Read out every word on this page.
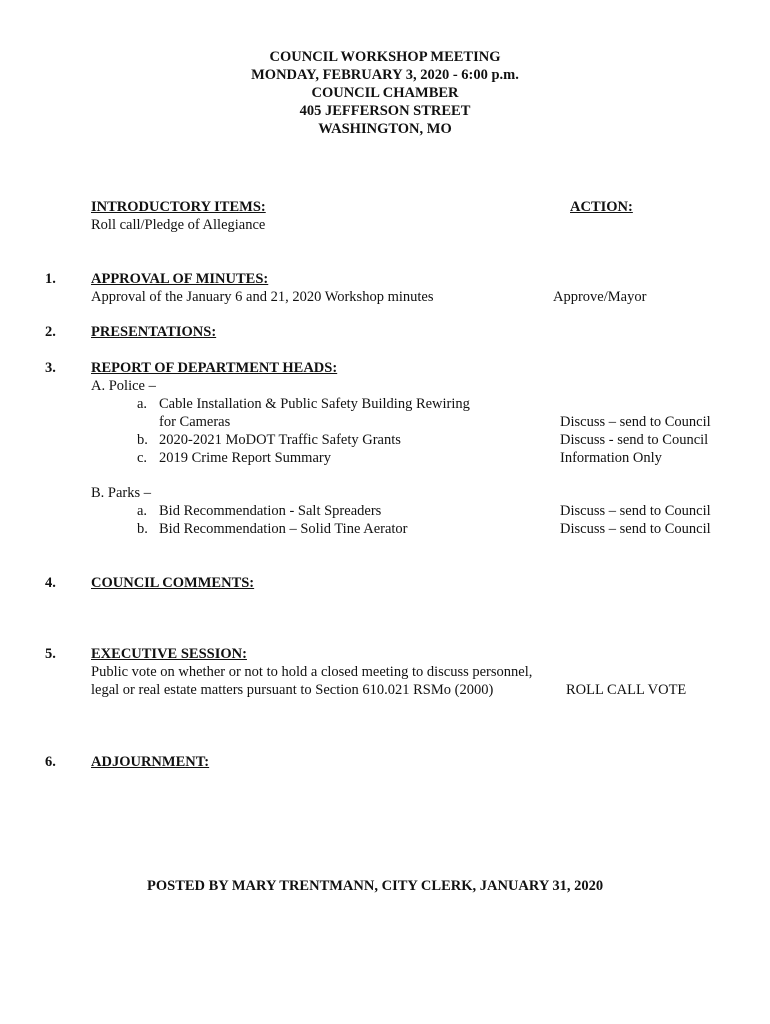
COUNCIL WORKSHOP MEETING
MONDAY, FEBRUARY 3, 2020 - 6:00 p.m.
COUNCIL CHAMBER
405 JEFFERSON STREET
WASHINGTON, MO
INTRODUCTORY ITEMS:	ACTION:
Roll call/Pledge of Allegiance
1. APPROVAL OF MINUTES:
Approval of the January 6 and 21, 2020 Workshop minutes	Approve/Mayor
2. PRESENTATIONS:
3. REPORT OF DEPARTMENT HEADS:
A. Police –
a. Cable Installation & Public Safety Building Rewiring
for Cameras	Discuss – send to Council
b. 2020-2021 MoDOT Traffic Safety Grants	Discuss - send to Council
c. 2019 Crime Report Summary	Information Only
B. Parks –
a. Bid Recommendation - Salt Spreaders	Discuss – send to Council
b. Bid Recommendation – Solid Tine Aerator	Discuss – send to Council
4. COUNCIL COMMENTS:
5. EXECUTIVE SESSION:
Public vote on whether or not to hold a closed meeting to discuss personnel,
legal or real estate matters pursuant to Section 610.021 RSMo (2000)	ROLL CALL VOTE
6. ADJOURNMENT:
POSTED BY MARY TRENTMANN, CITY CLERK, JANUARY 31, 2020
